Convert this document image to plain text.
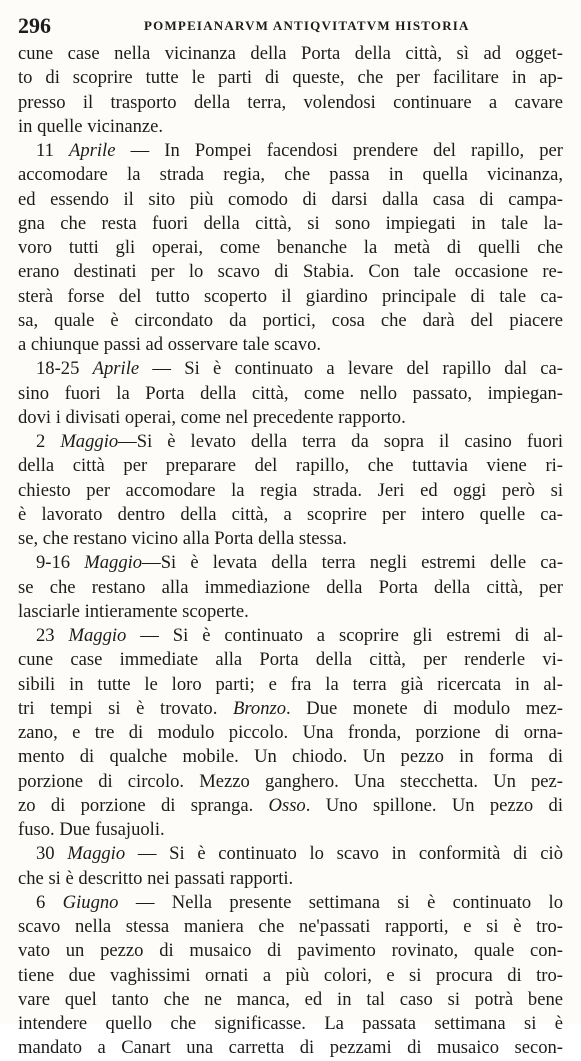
296	POMPEIANARVM ANTIQVITATVM HISTORIA
cune case nella vicinanza della Porta della città, sì ad ogget-
to di scoprire tutte le parti di queste, che per facilitare in ap-
presso il trasporto della terra, volendosi continuare a cavare
in quelle vicinanze.
11 Aprile — In Pompei facendosi prendere del rapillo, per
accomodare la strada regia, che passa in quella vicinanza,
ed essendo il sito più comodo di darsi dalla casa di campa-
gna che resta fuori della città, si sono impiegati in tale la-
voro tutti gli operai, come benanche la metà di quelli che
erano destinati per lo scavo di Stabia. Con tale occasione re-
sterà forse del tutto scoperto il giardino principale di tale ca-
sa, quale è circondato da portici, cosa che darà del piacere
a chiunque passi ad osservare tale scavo.
18-25 Aprile — Si è continuato a levare del rapillo dal ca-
sino fuori la Porta della città, come nello passato, impiegan-
dovi i divisati operai, come nel precedente rapporto.
2 Maggio—Si è levato della terra da sopra il casino fuori
della città per preparare del rapillo, che tuttavia viene ri-
chiesto per accomodare la regia strada. Jeri ed oggi però si
è lavorato dentro della città, a scoprire per intero quelle ca-
se, che restano vicino alla Porta della stessa.
9-16 Maggio—Si è levata della terra negli estremi delle ca-
se che restano alla immediazione della Porta della città, per
lasciarle intieramente scoperte.
23 Maggio — Si è continuato a scoprire gli estremi di al-
cune case immediate alla Porta della città, per renderle vi-
sibili in tutte le loro parti; e fra la terra già ricercata in al-
tri tempi si è trovato. Bronzo. Due monete di modulo mez-
zano, e tre di modulo piccolo. Una fronda, porzione di orna-
mento di qualche mobile. Un chiodo. Un pezzo in forma di
porzione di circolo. Mezzo ganghero. Una stecchetta. Un pez-
zo di porzione di spranga. Osso. Uno spillone. Un pezzo di
fuso. Due fusajuoli.
30 Maggio — Si è continuato lo scavo in conformità di ciò
che si è descritto nei passati rapporti.
6 Giugno — Nella presente settimana si è continuato lo
scavo nella stessa maniera che ne'passati rapporti, e si è tro-
vato un pezzo di musaico di pavimento rovinato, quale con-
tiene due vaghissimi ornati a più colori, e si procura di tro-
vare quel tanto che ne manca, ed in tal caso si potrà bene
intendere quello che significasse. La passata settimana si è
mandato a Canart una carretta di pezzami di musaico secon-
